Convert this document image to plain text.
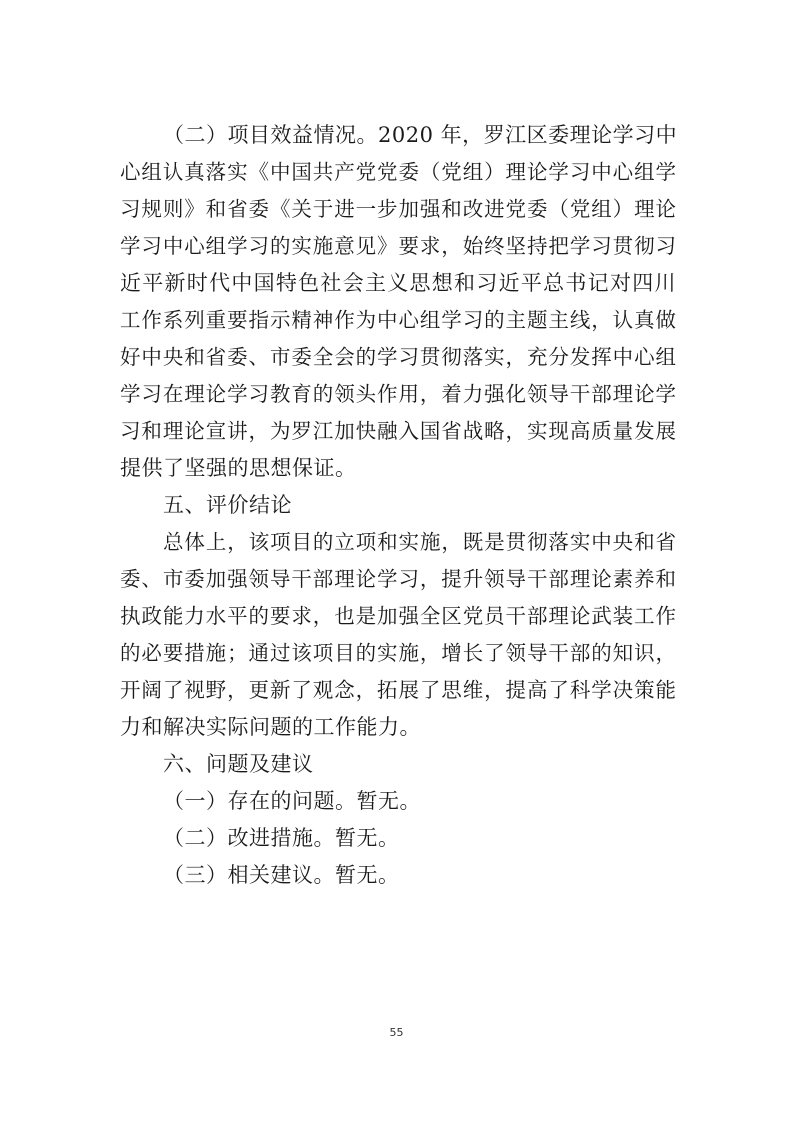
（二）项目效益情况。2020 年，罗江区委理论学习中
心组认真落实《中国共产党党委（党组）理论学习中心组学
习规则》和省委《关于进一步加强和改进党委（党组）理论
学习中心组学习的实施意见》要求，始终坚持把学习贯彻习
近平新时代中国特色社会主义思想和习近平总书记对四川
工作系列重要指示精神作为中心组学习的主题主线，认真做
好中央和省委、市委全会的学习贯彻落实，充分发挥中心组
学习在理论学习教育的领头作用，着力强化领导干部理论学
习和理论宣讲，为罗江加快融入国省战略，实现高质量发展
提供了坚强的思想保证。
五、评价结论
总体上，该项目的立项和实施，既是贯彻落实中央和省
委、市委加强领导干部理论学习，提升领导干部理论素养和
执政能力水平的要求，也是加强全区党员干部理论武装工作
的必要措施；通过该项目的实施，增长了领导干部的知识，
开阔了视野，更新了观念，拓展了思维，提高了科学决策能
力和解决实际问题的工作能力。
六、问题及建议
（一）存在的问题。暂无。
（二）改进措施。暂无。
（三）相关建议。暂无。
55
